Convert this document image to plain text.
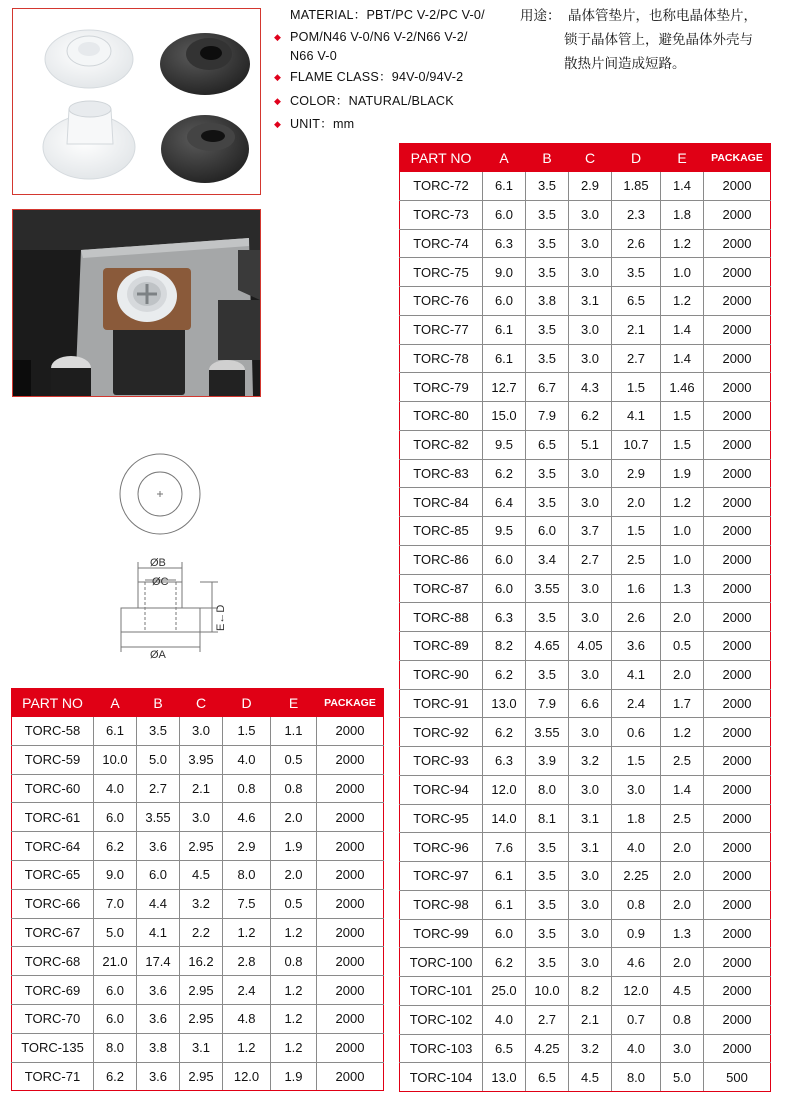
MATERIAL：PBT/PC V-2/PC V-0/
◆ POM/N46 V-0/N6 V-2/N66 V-2/
N66 V-0
◆ FLAME CLASS：94V-0/94V-2
◆ COLOR：NATURAL/BLACK
◆ UNIT：mm
用途： 晶体管垫片，也称电晶体垫片，
锁于晶体管上，避免晶体外壳与
散热片间造成短路。
ØB
ØC
ØA
E←D
PART NO	A	B	C	D	E	PACKAGE
TORC-72	6.1	3.5	2.9	1.85	1.4	2000
TORC-73	6.0	3.5	3.0	2.3	1.8	2000
TORC-74	6.3	3.5	3.0	2.6	1.2	2000
TORC-75	9.0	3.5	3.0	3.5	1.0	2000
TORC-76	6.0	3.8	3.1	6.5	1.2	2000
TORC-77	6.1	3.5	3.0	2.1	1.4	2000
TORC-78	6.1	3.5	3.0	2.7	1.4	2000
TORC-79	12.7	6.7	4.3	1.5	1.46	2000
TORC-80	15.0	7.9	6.2	4.1	1.5	2000
TORC-82	9.5	6.5	5.1	10.7	1.5	2000
TORC-83	6.2	3.5	3.0	2.9	1.9	2000
TORC-84	6.4	3.5	3.0	2.0	1.2	2000
TORC-85	9.5	6.0	3.7	1.5	1.0	2000
TORC-86	6.0	3.4	2.7	2.5	1.0	2000
TORC-87	6.0	3.55	3.0	1.6	1.3	2000
TORC-88	6.3	3.5	3.0	2.6	2.0	2000
TORC-89	8.2	4.65	4.05	3.6	0.5	2000
TORC-90	6.2	3.5	3.0	4.1	2.0	2000
TORC-91	13.0	7.9	6.6	2.4	1.7	2000
TORC-92	6.2	3.55	3.0	0.6	1.2	2000
TORC-93	6.3	3.9	3.2	1.5	2.5	2000
TORC-94	12.0	8.0	3.0	3.0	1.4	2000
TORC-95	14.0	8.1	3.1	1.8	2.5	2000
TORC-96	7.6	3.5	3.1	4.0	2.0	2000
TORC-97	6.1	3.5	3.0	2.25	2.0	2000
TORC-98	6.1	3.5	3.0	0.8	2.0	2000
TORC-99	6.0	3.5	3.0	0.9	1.3	2000
TORC-100	6.2	3.5	3.0	4.6	2.0	2000
TORC-101	25.0	10.0	8.2	12.0	4.5	2000
TORC-102	4.0	2.7	2.1	0.7	0.8	2000
TORC-103	6.5	4.25	3.2	4.0	3.0	2000
TORC-104	13.0	6.5	4.5	8.0	5.0	500
PART NO	A	B	C	D	E	PACKAGE
TORC-58	6.1	3.5	3.0	1.5	1.1	2000
TORC-59	10.0	5.0	3.95	4.0	0.5	2000
TORC-60	4.0	2.7	2.1	0.8	0.8	2000
TORC-61	6.0	3.55	3.0	4.6	2.0	2000
TORC-64	6.2	3.6	2.95	2.9	1.9	2000
TORC-65	9.0	6.0	4.5	8.0	2.0	2000
TORC-66	7.0	4.4	3.2	7.5	0.5	2000
TORC-67	5.0	4.1	2.2	1.2	1.2	2000
TORC-68	21.0	17.4	16.2	2.8	0.8	2000
TORC-69	6.0	3.6	2.95	2.4	1.2	2000
TORC-70	6.0	3.6	2.95	4.8	1.2	2000
TORC-135	8.0	3.8	3.1	1.2	1.2	2000
TORC-71	6.2	3.6	2.95	12.0	1.9	2000
